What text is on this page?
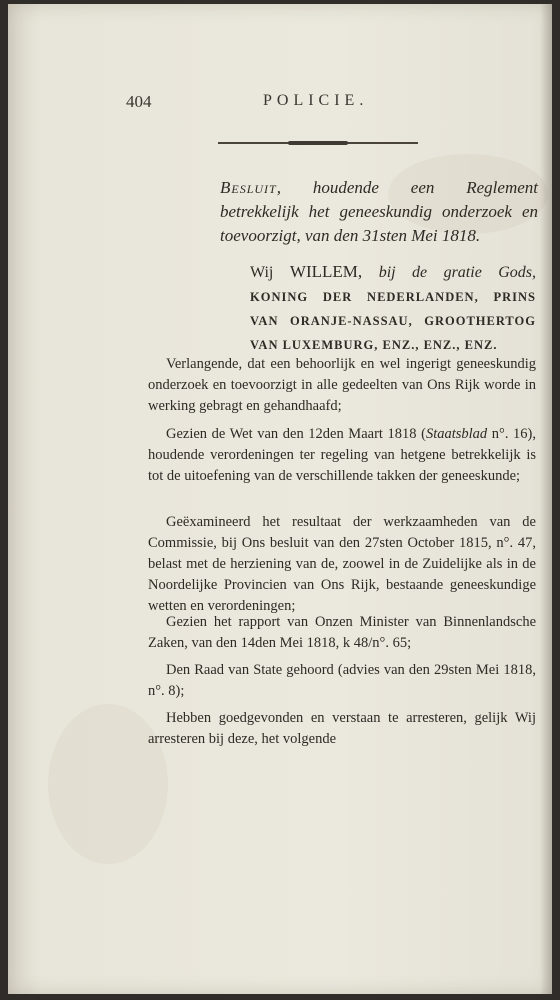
404	POLICIE.
Besluit, houdende een Reglement betrekkelijk het geneeskundig onderzoek en toevoorzigt, van den 31sten Mei 1818.
Wij WILLEM, bij de gratie Gods, KONING DER NEDERLANDEN, PRINS VAN ORANJE-NASSAU, GROOTHERTOG VAN LUXEMBURG, ENZ., ENZ., ENZ.
Verlangende, dat een behoorlijk en wel ingerigt geneeskundig onderzoek en toevoorzigt in alle gedeelten van Ons Rijk worde in werking gebragt en gehandhaafd;
Gezien de Wet van den 12den Maart 1818 (Staatsblad n°. 16), houdende verordeningen ter regeling van hetgene betrekkelijk is tot de uitoefening van de verschillende takken der geneeskunde;
Geëxamineerd het resultaat der werkzaamheden van de Commissie, bij Ons besluit van den 27sten October 1815, n°. 47, belast met de herziening van de, zoowel in de Zuidelijke als in de Noordelijke Provincien van Ons Rijk, bestaande geneeskundige wetten en verordeningen;
Gezien het rapport van Onzen Minister van Binnenlandsche Zaken, van den 14den Mei 1818, k 48/n°. 65;
Den Raad van State gehoord (advies van den 29sten Mei 1818, n°. 8);
Hebben goedgevonden en verstaan te arresteren, gelijk Wij arresteren bij deze, het volgende
